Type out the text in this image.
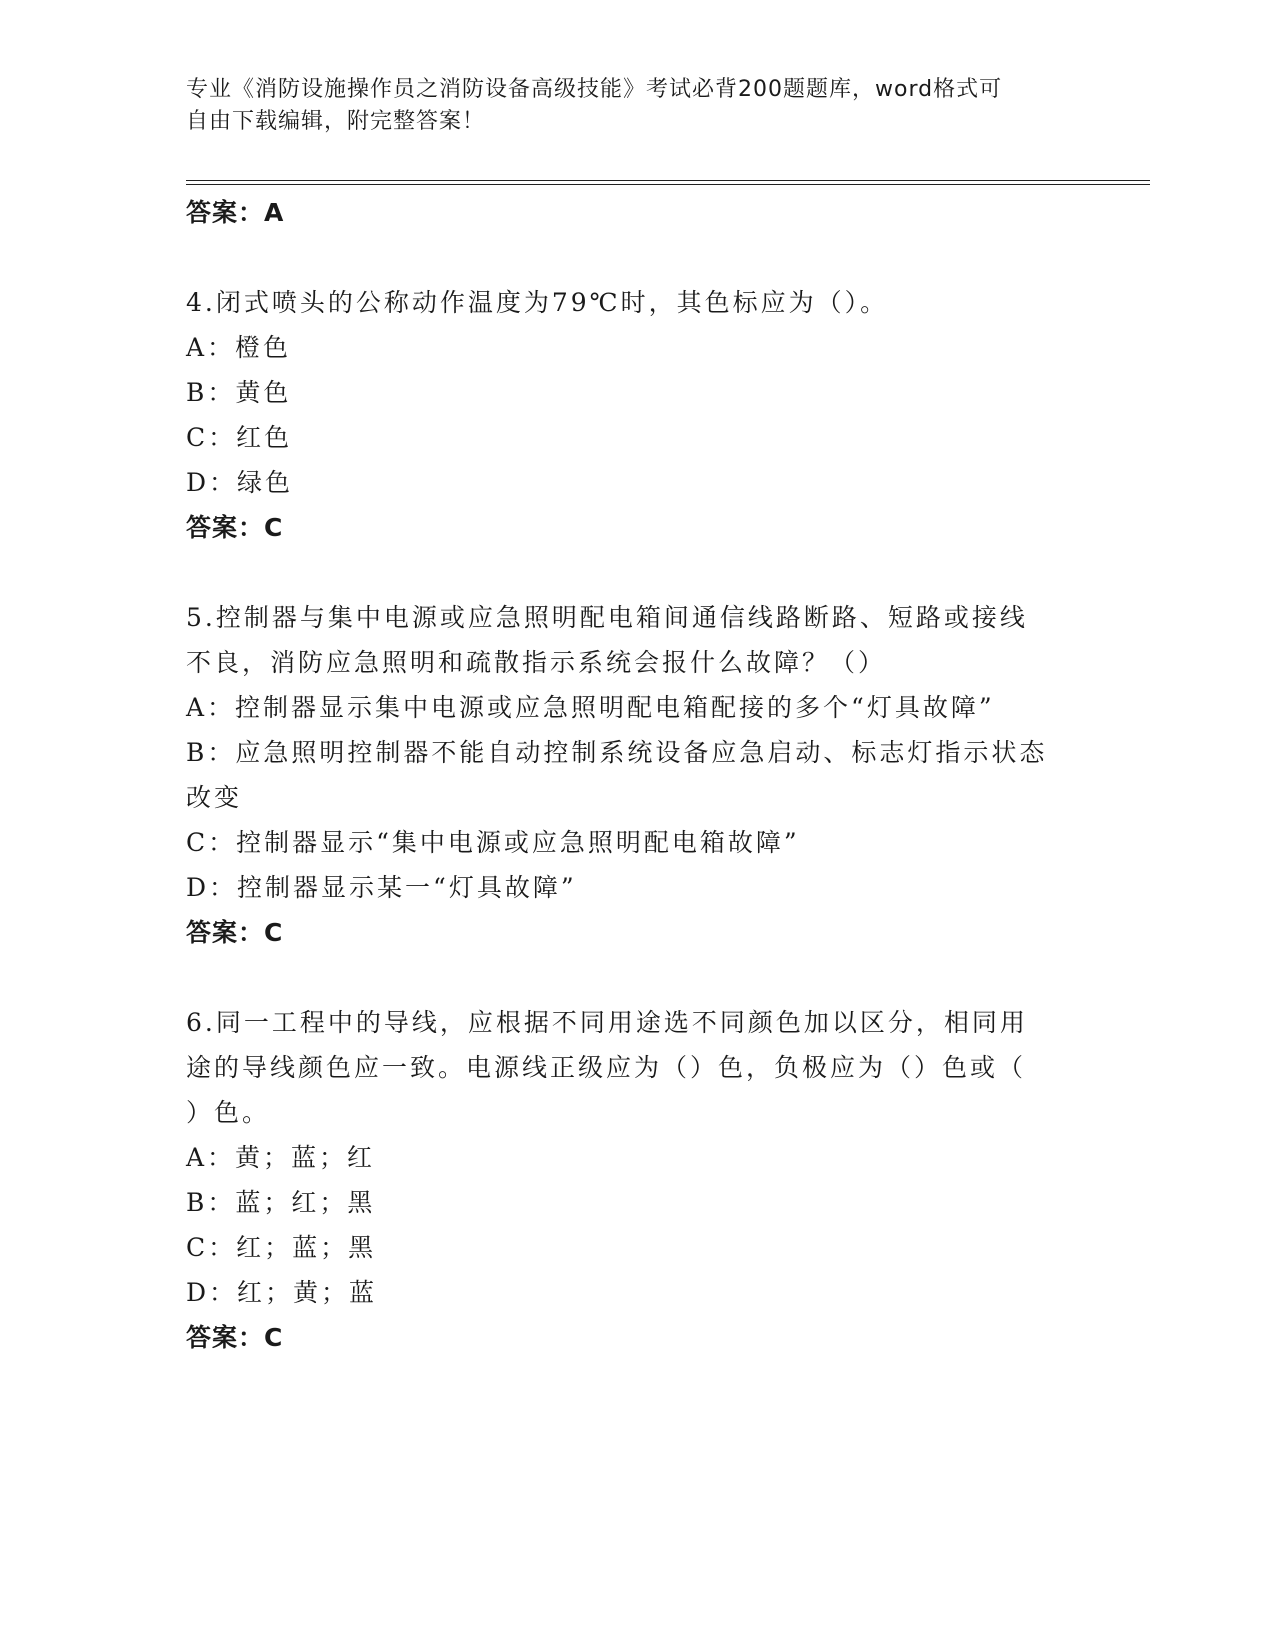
专业《消防设施操作员之消防设备高级技能》考试必背200题题库，word格式可
自由下载编辑，附完整答案！
答案：A
4.闭式喷头的公称动作温度为79℃时，其色标应为（）。
A：橙色
B：黄色
C：红色
D：绿色
答案：C
5.控制器与集中电源或应急照明配电箱间通信线路断路、短路或接线
不良，消防应急照明和疏散指示系统会报什么故障？（）
A：控制器显示集中电源或应急照明配电箱配接的多个“灯具故障”
B：应急照明控制器不能自动控制系统设备应急启动、标志灯指示状态
改变
C：控制器显示“集中电源或应急照明配电箱故障”
D：控制器显示某一“灯具故障”
答案：C
6.同一工程中的导线，应根据不同用途选不同颜色加以区分，相同用
途的导线颜色应一致。电源线正级应为（）色，负极应为（）色或（
）色。
A：黄；蓝；红
B：蓝；红；黑
C：红；蓝；黑
D：红；黄；蓝
答案：C
